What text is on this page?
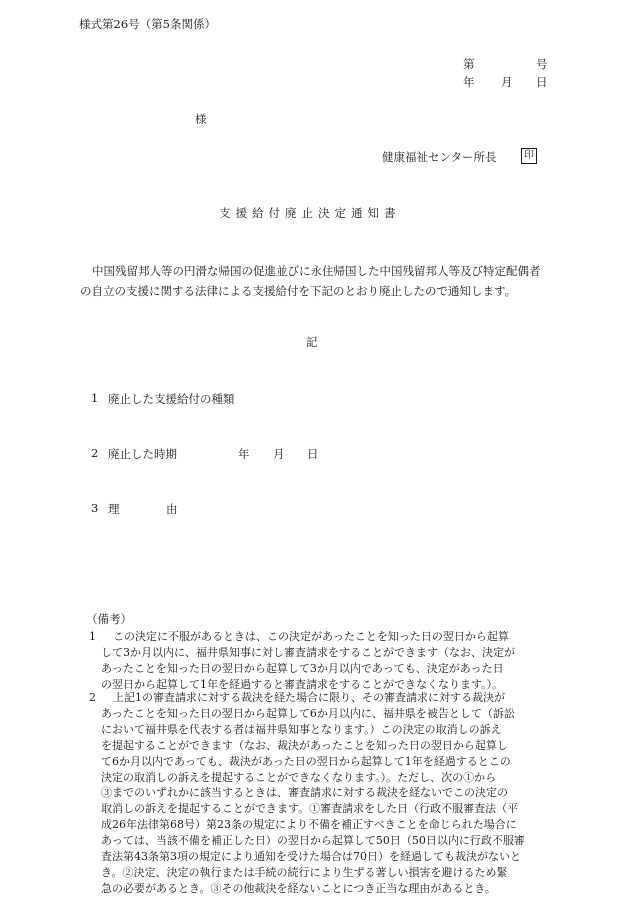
様式第26号（第5条関係）
第	号
年 月 日
様
健康福祉センター所長	印
支援給付廃止決定通知書
中国残留邦人等の円滑な帰国の促進並びに永住帰国した中国残留邦人等及び特定配偶者
の自立の支援に関する法律による支援給付を下記のとおり廃止したので通知します。
記
1 廃止した支援給付の種類
2 廃止した時期	年 月 日
3 理	由
（備考）
1	この決定に不服があるときは、この決定があったことを知った日の翌日から起算
して3か月以内に、福井県知事に対し審査請求をすることができます（なお、決定が
あったことを知った日の翌日から起算して3か月以内であっても、決定があった日
の翌日から起算して1年を経過すると審査請求をすることができなくなります。）。
2	上記1の審査請求に対する裁決を経た場合に限り、その審査請求に対する裁決が
あったことを知った日の翌日から起算して6か月以内に、福井県を被告として（訴訟
において福井県を代表する者は福井県知事となります。）この決定の取消しの訴え
を提起することができます（なお、裁決があったことを知った日の翌日から起算し
て6か月以内であっても、裁決があった日の翌日から起算して1年を経過するとこの
決定の取消しの訴えを提起することができなくなります。）。ただし、次の①から
③までのいずれかに該当するときは、審査請求に対する裁決を経ないでこの決定の
取消しの訴えを提起することができます。①審査請求をした日（行政不服審査法（平
成26年法律第68号）第23条の規定により不備を補正すべきことを命じられた場合に
あっては、当該不備を補正した日）の翌日から起算して50日（50日以内に行政不服審
査法第43条第3項の規定により通知を受けた場合は70日）を経過しても裁決がないと
き。②決定、決定の執行または手続の続行により生ずる著しい損害を避けるため緊
急の必要があるとき。③その他裁決を経ないことにつき正当な理由があるとき。
